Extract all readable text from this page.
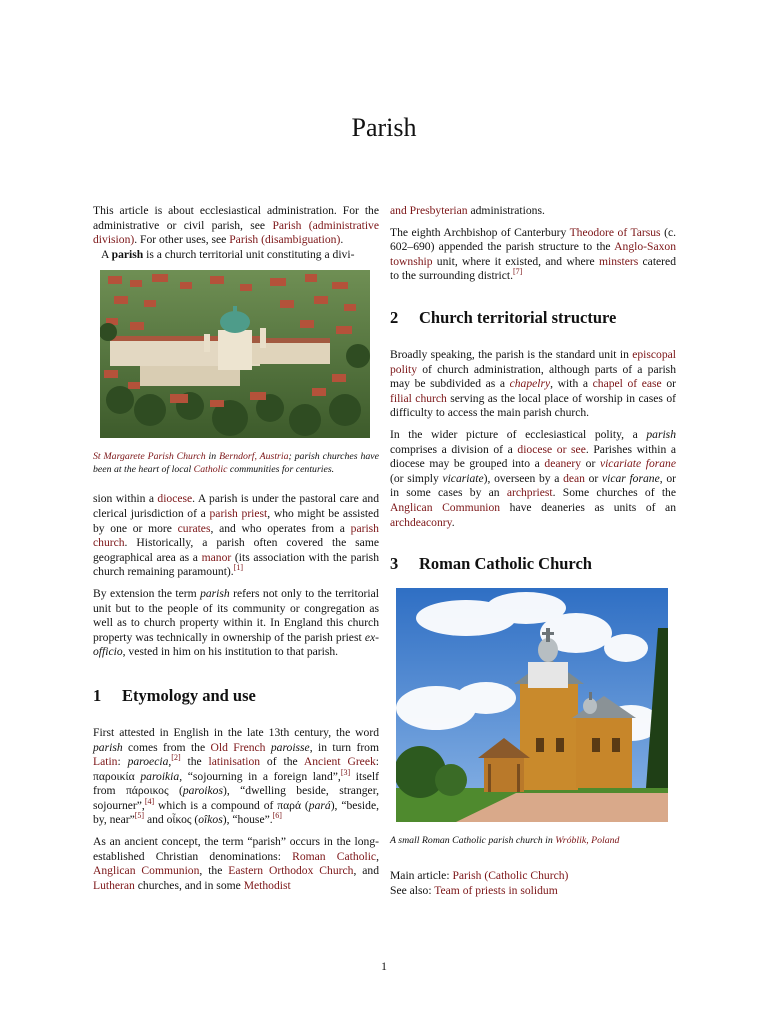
Parish

This article is about ecclesiastical administration. For the administrative or civil parish, see Parish (administrative division). For other uses, see Parish (disambiguation).

A parish is a church territorial unit constituting a divi-

St Margarete Parish Church in Berndorf, Austria; parish churches have been at the heart of local Catholic communities for centuries.

sion within a diocese. A parish is under the pastoral care and clerical jurisdiction of a parish priest, who might be assisted by one or more curates, and who operates from a parish church. Historically, a parish often covered the same geographical area as a manor (its association with the parish church remaining paramount).[1]

By extension the term parish refers not only to the territorial unit but to the people of its community or congregation as well as to church property within it. In England this church property was technically in ownership of the parish priest ex-officio, vested in him on his institution to that parish.

1	Etymology and use

First attested in English in the late 13th century, the word parish comes from the Old French paroisse, in turn from Latin: paroecia,[2] the latinisation of the Ancient Greek: παροικία paroikia, “sojourning in a foreign land”,[3] itself from πάροικος (paroikos), “dwelling beside, stranger, sojourner”,[4] which is a compound of παρά (pará), “beside, by, near”[5] and οἶκος (oîkos), “house”.[6]

As an ancient concept, the term “parish” occurs in the long-established Christian denominations: Roman Catholic, Anglican Communion, the Eastern Orthodox Church, and Lutheran churches, and in some Methodist

and Presbyterian administrations.

The eighth Archbishop of Canterbury Theodore of Tarsus (c. 602–690) appended the parish structure to the Anglo-Saxon township unit, where it existed, and where minsters catered to the surrounding district.[7]

2	Church territorial structure

Broadly speaking, the parish is the standard unit in episcopal polity of church administration, although parts of a parish may be subdivided as a chapelry, with a chapel of ease or filial church serving as the local place of worship in cases of difficulty to access the main parish church.

In the wider picture of ecclesiastical polity, a parish comprises a division of a diocese or see. Parishes within a diocese may be grouped into a deanery or vicariate forane (or simply vicariate), overseen by a dean or vicar forane, or in some cases by an archpriest. Some churches of the Anglican Communion have deaneries as units of an archdeaconry.

3	Roman Catholic Church

A small Roman Catholic parish church in Wróblik, Poland

Main article: Parish (Catholic Church)

See also: Team of priests in solidum

1
